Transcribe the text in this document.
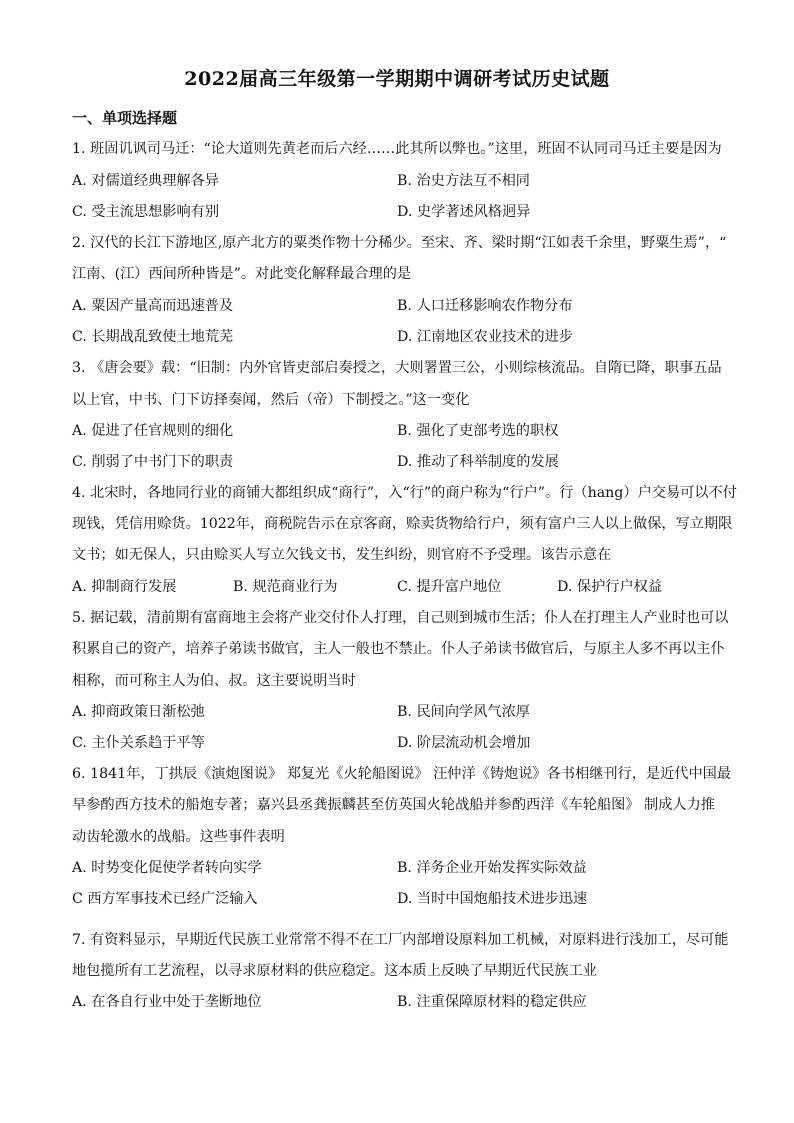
2022届高三年级第一学期期中调研考试历史试题
一、单项选择题
1. 班固讥讽司马迁：“论大道则先黄老而后六经……此其所以弊也。”这里，班固不认同司马迁主要是因为
A. 对儒道经典理解各异	B. 治史方法互不相同
C. 受主流思想影响有别	D. 史学著述风格迥异
2. 汉代的长江下游地区,原产北方的粟类作物十分稀少。至宋、齐、梁时期“江如表千余里，野粟生焉”，“
江南、(江）西间所种皆是”。对此变化解释最合理的是
A. 粟因产量高而迅速普及	B. 人口迁移影响农作物分布
C. 长期战乱致使土地荒芜	D. 江南地区农业技术的进步
3. 《唐会要》载：“旧制：内外官皆吏部启奏授之，大则署置三公，小则综核流品。自隋已降，职事五品
以上官，中书、门下访择奏闻，然后（帝）下制授之。”这一变化
A. 促进了任官规则的细化	B. 强化了吏部考选的职权
C. 削弱了中书门下的职责	D. 推动了科举制度的发展
4. 北宋时，各地同行业的商铺大都组织成“商行”，入“行”的商户称为“行户”。行（hang）户交易可以不付
现钱，凭信用赊货。1022年，商税院告示在京客商，赊卖货物给行户，须有富户三人以上做保，写立期限
文书；如无保人，只由赊买人写立欠钱文书，发生纠纷，则官府不予受理。该告示意在
A. 抑制商行发展	B. 规范商业行为	C. 提升富户地位	D. 保护行户权益
5. 据记载，清前期有富商地主会将产业交付仆人打理，自己则到城市生活；仆人在打理主人产业时也可以
积累自己的资产，培养子弟读书做官，主人一般也不禁止。仆人子弟读书做官后，与原主人多不再以主仆
相称，而可称主人为伯、叔。这主要说明当时
A. 抑商政策日渐松弛	B. 民间向学风气浓厚
C. 主仆关系趋于平等	D. 阶层流动机会增加
6. 1841年，丁拱辰《演炮图说》 郑复光《火轮船图说》 汪仲洋《铸炮说》各书相继刊行，是近代中国最
早参酌西方技术的船炮专著；嘉兴县丞龚振麟甚至仿英国火轮战船并参酌西洋《车轮船图》 制成人力推
动齿轮激水的战船。这些事件表明
A. 时势变化促使学者转向实学	B. 洋务企业开始发挥实际效益
C 西方军事技术已经广泛输入	D. 当时中国炮船技术进步迅速
7. 有资料显示，早期近代民族工业常常不得不在工厂内部增设原料加工机械，对原料进行浅加工，尽可能
地包揽所有工艺流程，以寻求原材料的供应稳定。这本质上反映了早期近代民族工业
A. 在各自行业中处于垄断地位	B. 注重保障原材料的稳定供应
